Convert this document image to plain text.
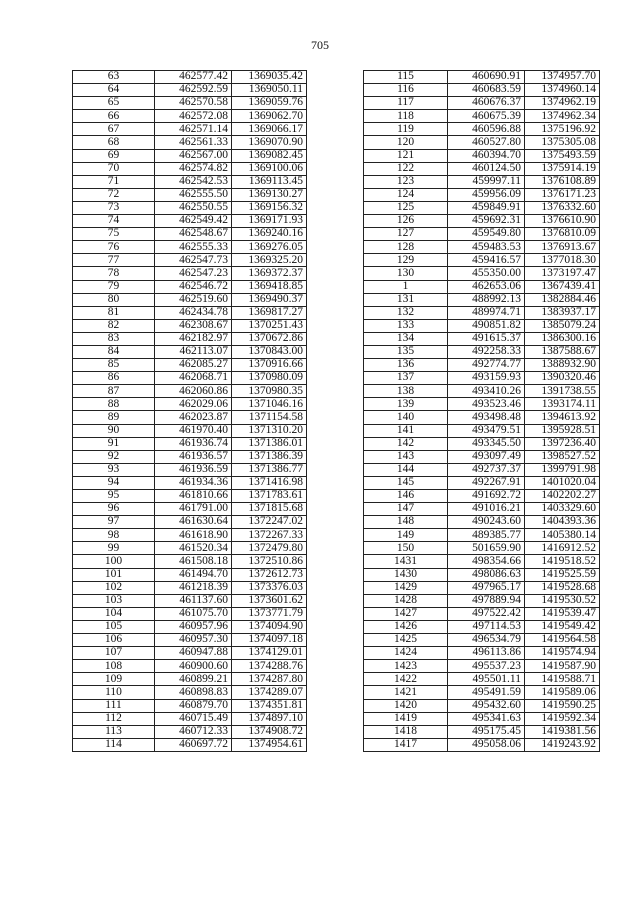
705
63	462577.42	1369035.42
64	462592.59	1369050.11
65	462570.58	1369059.76
66	462572.08	1369062.70
67	462571.14	1369066.17
68	462561.33	1369070.90
69	462567.00	1369082.45
70	462574.82	1369100.06
71	462542.53	1369113.45
72	462555.50	1369130.27
73	462550.55	1369156.32
74	462549.42	1369171.93
75	462548.67	1369240.16
76	462555.33	1369276.05
77	462547.73	1369325.20
78	462547.23	1369372.37
79	462546.72	1369418.85
80	462519.60	1369490.37
81	462434.78	1369817.27
82	462308.67	1370251.43
83	462182.97	1370672.86
84	462113.07	1370843.00
85	462085.27	1370916.66
86	462068.71	1370980.09
87	462060.86	1370980.35
88	462029.06	1371046.16
89	462023.87	1371154.58
90	461970.40	1371310.20
91	461936.74	1371386.01
92	461936.57	1371386.39
93	461936.59	1371386.77
94	461934.36	1371416.98
95	461810.66	1371783.61
96	461791.00	1371815.68
97	461630.64	1372247.02
98	461618.90	1372267.33
99	461520.34	1372479.80
100	461508.18	1372510.86
101	461494.70	1372612.73
102	461218.39	1373376.03
103	461137.60	1373601.62
104	461075.70	1373771.79
105	460957.96	1374094.90
106	460957.30	1374097.18
107	460947.88	1374129.01
108	460900.60	1374288.76
109	460899.21	1374287.80
110	460898.83	1374289.07
111	460879.70	1374351.81
112	460715.49	1374897.10
113	460712.33	1374908.72
114	460697.72	1374954.61
115	460690.91	1374957.70
116	460683.59	1374960.14
117	460676.37	1374962.19
118	460675.39	1374962.34
119	460596.88	1375196.92
120	460527.80	1375305.08
121	460394.70	1375493.59
122	460124.50	1375914.19
123	459997.11	1376108.89
124	459956.09	1376171.23
125	459849.91	1376332.60
126	459692.31	1376610.90
127	459549.80	1376810.09
128	459483.53	1376913.67
129	459416.57	1377018.30
130	455350.00	1373197.47
1	462653.06	1367439.41
131	488992.13	1382884.46
132	489974.71	1383937.17
133	490851.82	1385079.24
134	491615.37	1386300.16
135	492258.33	1387588.67
136	492774.77	1388932.90
137	493159.93	1390320.46
138	493410.26	1391738.55
139	493523.46	1393174.11
140	493498.48	1394613.92
141	493479.51	1395928.51
142	493345.50	1397236.40
143	493097.49	1398527.52
144	492737.37	1399791.98
145	492267.91	1401020.04
146	491692.72	1402202.27
147	491016.21	1403329.60
148	490243.60	1404393.36
149	489385.77	1405380.14
150	501659.90	1416912.52
1431	498354.66	1419518.52
1430	498086.63	1419525.59
1429	497965.17	1419528.68
1428	497889.94	1419530.52
1427	497522.42	1419539.47
1426	497114.53	1419549.42
1425	496534.79	1419564.58
1424	496113.86	1419574.94
1423	495537.23	1419587.90
1422	495501.11	1419588.71
1421	495491.59	1419589.06
1420	495432.60	1419590.25
1419	495341.63	1419592.34
1418	495175.45	1419381.56
1417	495058.06	1419243.92
